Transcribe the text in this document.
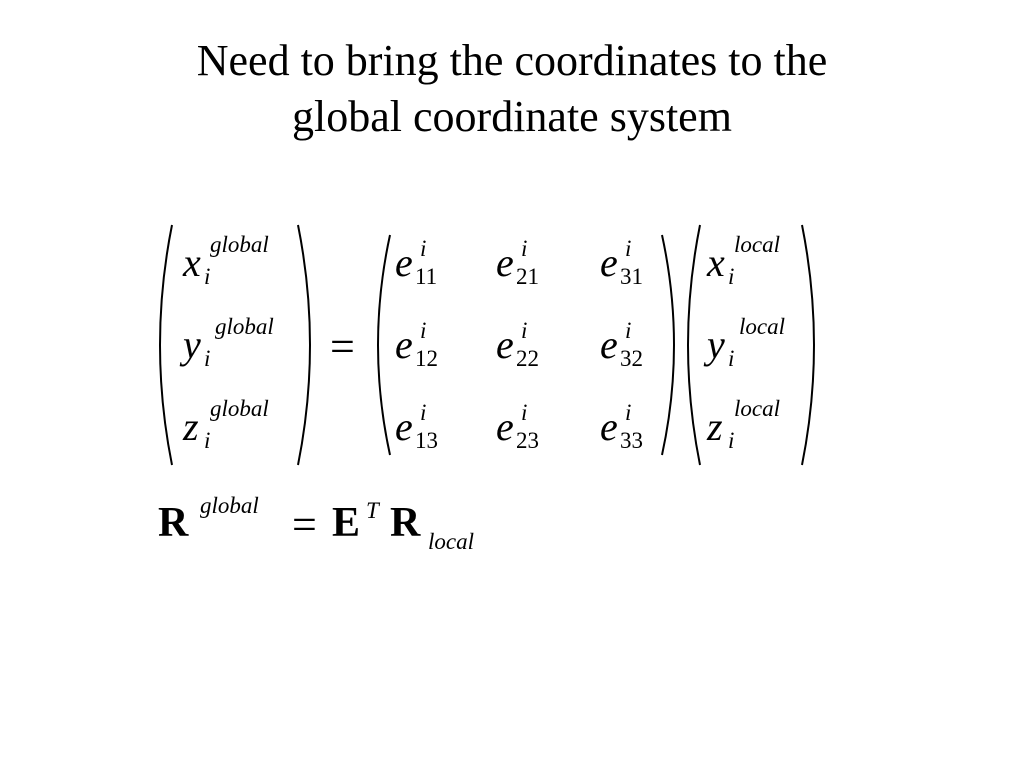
Need to bring the coordinates to the
global coordinate system
x global
i
y global
i
z global
i
=
e i
11 e i
21 e i
31
e i
12 e i
22 e i
32
e i
13 e i
23 e i
33
x local
i
y local
i
z local
i
R global = E T R local
